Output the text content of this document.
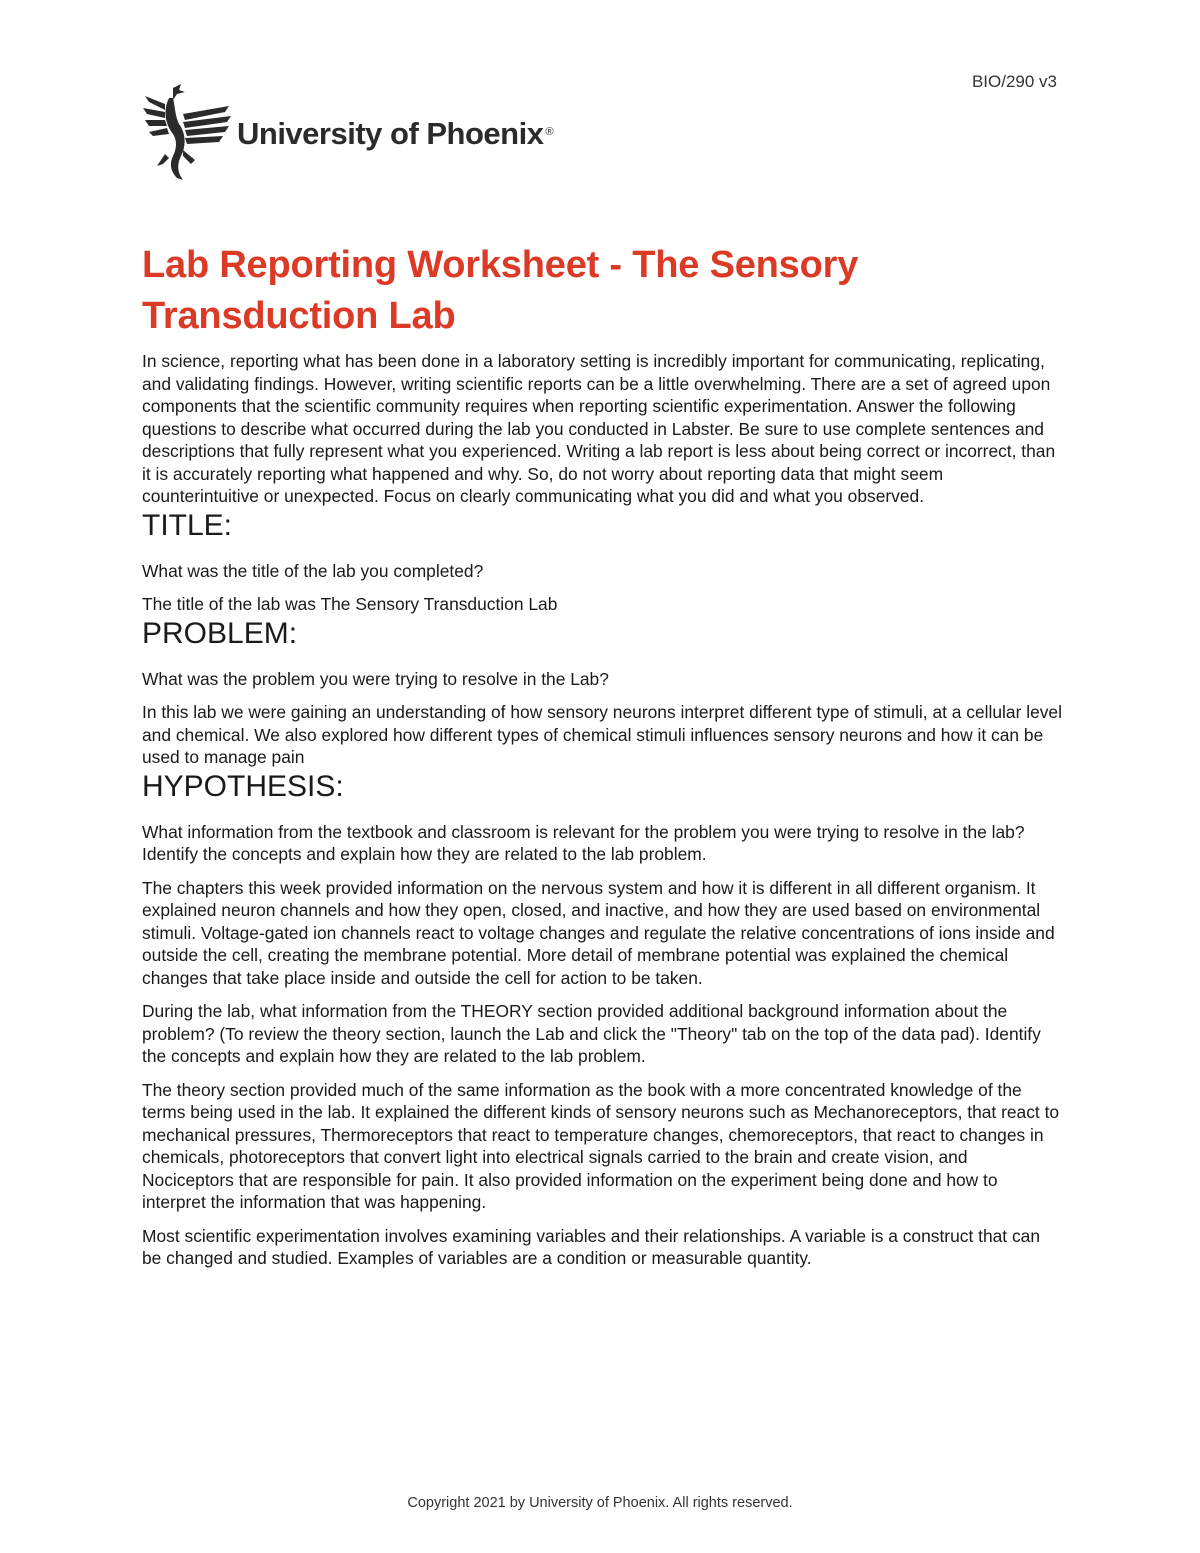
BIO/290 v3
University of Phoenix ®
Lab Reporting Worksheet - The Sensory Transduction Lab

In science, reporting what has been done in a laboratory setting is incredibly important for communicating, replicating, and validating findings. However, writing scientific reports can be a little overwhelming. There are a set of agreed upon components that the scientific community requires when reporting scientific experimentation. Answer the following questions to describe what occurred during the lab you conducted in Labster. Be sure to use complete sentences and descriptions that fully represent what you experienced. Writing a lab report is less about being correct or incorrect, than it is accurately reporting what happened and why. So, do not worry about reporting data that might seem counterintuitive or unexpected. Focus on clearly communicating what you did and what you observed.

TITLE:

What was the title of the lab you completed?

The title of the lab was The Sensory Transduction Lab

PROBLEM:

What was the problem you were trying to resolve in the Lab?

In this lab we were gaining an understanding of how sensory neurons interpret different type of stimuli, at a cellular level and chemical. We also explored how different types of chemical stimuli influences sensory neurons and how it can be used to manage pain

HYPOTHESIS:

What information from the textbook and classroom is relevant for the problem you were trying to resolve in the lab? Identify the concepts and explain how they are related to the lab problem.

The chapters this week provided information on the nervous system and how it is different in all different organism. It explained neuron channels and how they open, closed, and inactive, and how they are used based on environmental stimuli. Voltage-gated ion channels react to voltage changes and regulate the relative concentrations of ions inside and outside the cell, creating the membrane potential. More detail of membrane potential was explained the chemical changes that take place inside and outside the cell for action to be taken.

During the lab, what information from the THEORY section provided additional background information about the problem? (To review the theory section, launch the Lab and click the "Theory" tab on the top of the data pad). Identify the concepts and explain how they are related to the lab problem.

The theory section provided much of the same information as the book with a more concentrated knowledge of the terms being used in the lab. It explained the different kinds of sensory neurons such as Mechanoreceptors, that react to mechanical pressures, Thermoreceptors that react to temperature changes, chemoreceptors, that react to changes in chemicals, photoreceptors that convert light into electrical signals carried to the brain and create vision, and Nociceptors that are responsible for pain. It also provided information on the experiment being done and how to interpret the information that was happening.

Most scientific experimentation involves examining variables and their relationships. A variable is a construct that can be changed and studied. Examples of variables are a condition or measurable quantity.

Copyright 2021 by University of Phoenix. All rights reserved.
